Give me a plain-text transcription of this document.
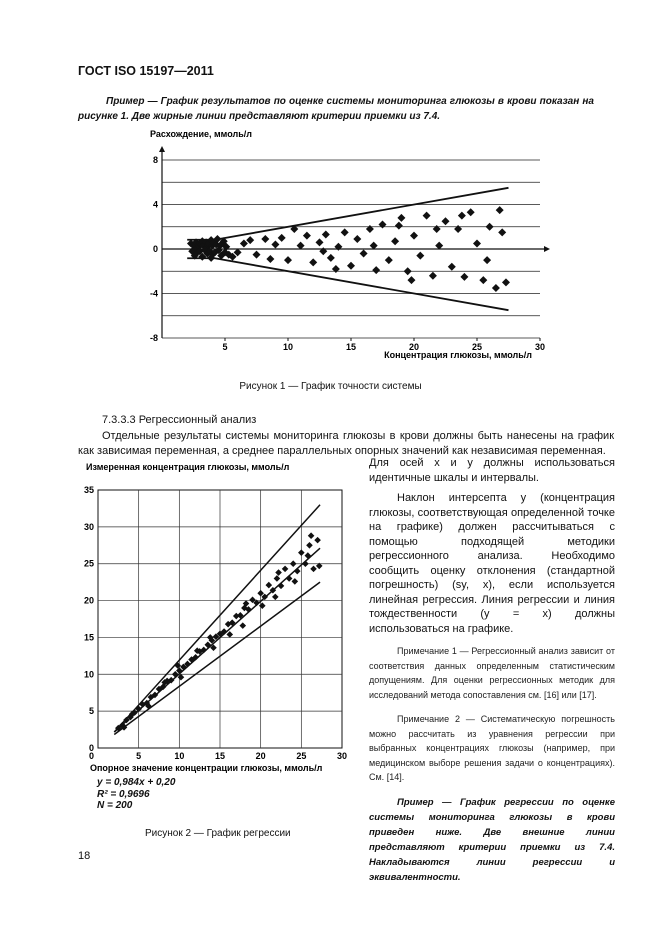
ГОСТ ISO 15197—2011
Пример — График результатов по оценке системы мониторинга глюкозы в крови показан на рисунке 1. Две жирные линии представляют критерии приемки из 7.4.
Расхождение, ммоль/л
Концентрация глюкозы, ммоль/л
-8
-4
0
4
8
5	10	15	20	25	30
Рисунок 1 — График точности системы
7.3.3.3 Регрессионный анализ
Отдельные результаты системы мониторинга глюкозы в крови должны быть нанесены на график как зависимая переменная, а среднее параллельных опорных значений как независимая переменная.
Измеренная концентрация глюкозы, ммоль/л
Опорное значение концентрации глюкозы, ммоль/л
0
5
10
15
20
25
30
35
5	10	15	20	25	30
0
y = 0,984x + 0,20
R² = 0,9696
N = 200
Рисунок 2 — График регрессии

Для осей x и y должны использоваться идентичные шкалы и интервалы.

Наклон интерсепта y (концентрация глюкозы, соответствующая определенной точке на графике) должен рассчитываться с помощью подходящей методики регрессионного анализа. Необходимо сообщить оценку отклонения (стандартной погрешность) (sy, x), если используется линейная регрессия. Линия регрессии и линия тождественности (y = x) должны использоваться на графике.

Примечание 1 — Регрессионный анализ зависит от соответствия данных определенным статистическим допущениям. Для оценки регрессионных методик для исследований метода сопоставления см. [16] или [17].

Примечание 2 — Систематическую погрешность можно рассчитать из уравнения регрессии при выбранных концентрациях глюкозы (например, при медицинском выборе решения задачи о концентрациях). См. [14].

Пример — График регрессии по оценке системы мониторинга глюкозы в крови приведен ниже. Две внешние линии представляют критерии приемки из 7.4. Накладываются линии регрессии и эквивалентности.

18
